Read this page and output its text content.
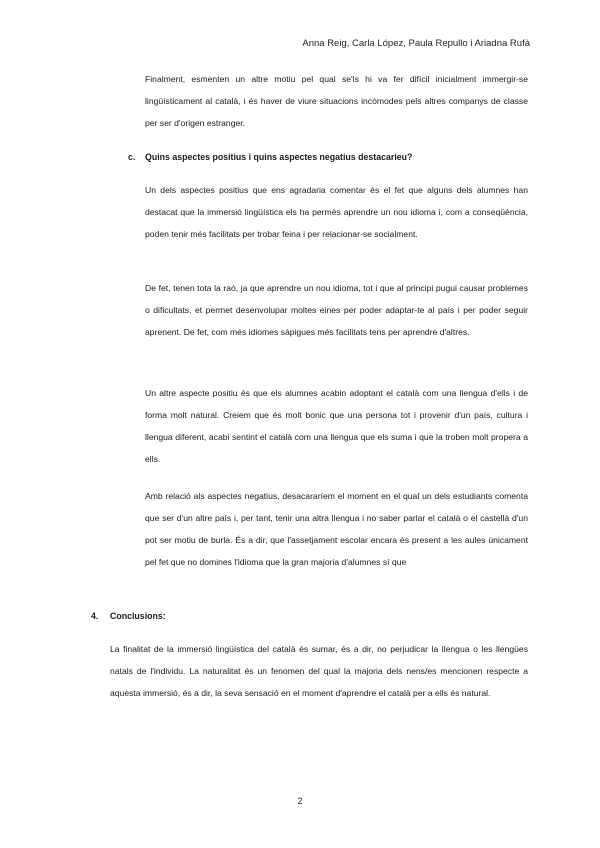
Anna Reig, Carla López, Paula Repullo i Ariadna Rufà

Finalment, esmenten un altre motiu pel qual se'ls hi va fer difícil inicialment immergir-se lingüísticament al català, i és haver de viure situacions incòmodes pels altres companys de classe per ser d'origen estranger.

c. Quins aspectes positius i quins aspectes negatius destacaríeu?

Un dels aspectes positius que ens agradaria comentar és el fet que alguns dels alumnes han destacat que la immersió lingüística els ha permès aprendre un nou idioma i, com a conseqüència, poden tenir més facilitats per trobar feina i per relacionar-se socialment.

De fet, tenen tota la raó, ja que aprendre un nou idioma, tot i que al principi pugui causar problemes o dificultats, et permet desenvolupar moltes eines per poder adaptar-te al país i per poder seguir aprenent. De fet, com més idiomes sàpigues més facilitats tens per aprendre d'altres.

Un altre aspecte positiu és que els alumnes acabin adoptant el català com una llengua d'ells i de forma molt natural. Creiem que és molt bonic que una persona tot i provenir d'un país, cultura i llengua diferent, acabi sentint el català com una llengua que els suma i que la troben molt propera a ells.

Amb relació als aspectes negatius, desacararíem el moment en el qual un dels estudiants comenta que ser d'un altre país i, per tant, tenir una altra llengua i no saber parlar el català o el castellà d'un pot ser motiu de burla. És a dir, que l'assetjament escolar encara és present a les aules únicament pel fet que no domines l'idioma que la gran majoria d'alumnes sí que

4. Conclusions:

La finalitat de la immersió lingüística del català és sumar, és a dir, no perjudicar la llengua o les llengües natals de l'individu. La naturalitat és un fenomen del qual la majoria dels nens/es mencionen respecte a aquesta immersió, és a dir, la seva sensació en el moment d'aprendre el català per a ells és natural.

2
